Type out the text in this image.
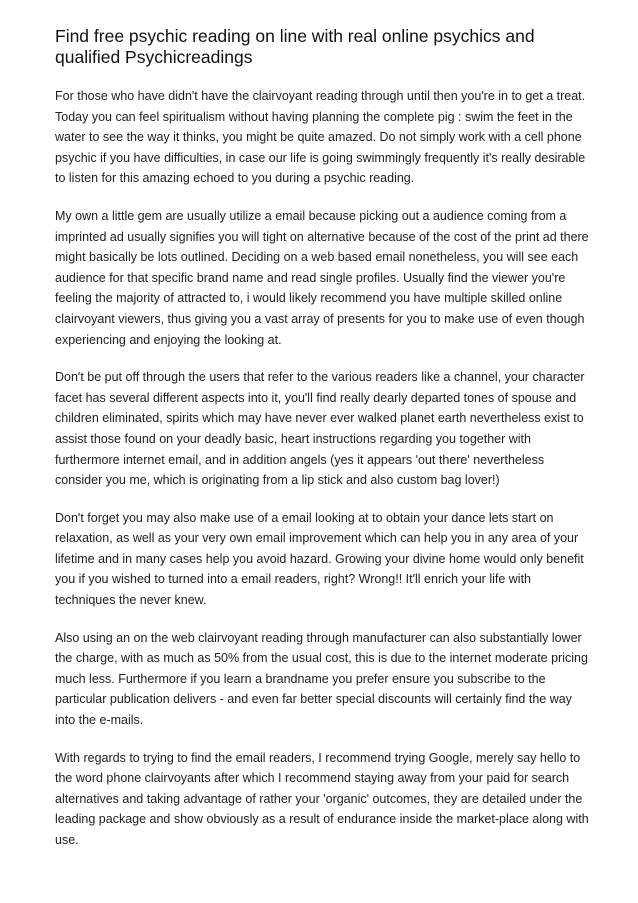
Find free psychic reading on line with real online psychics and qualified Psychicreadings

For those who have didn't have the clairvoyant reading through until then you're in to get a treat. Today you can feel spiritualism without having planning the complete pig : swim the feet in the water to see the way it thinks, you might be quite amazed. Do not simply work with a cell phone psychic if you have difficulties, in case our life is going swimmingly frequently it's really desirable to listen for this amazing echoed to you during a psychic reading.

My own a little gem are usually utilize a email because picking out a audience coming from a imprinted ad usually signifies you will tight on alternative because of the cost of the print ad there might basically be lots outlined. Deciding on a web based email nonetheless, you will see each audience for that specific brand name and read single profiles. Usually find the viewer you're feeling the majority of attracted to, i would likely recommend you have multiple skilled online clairvoyant viewers, thus giving you a vast array of presents for you to make use of even though experiencing and enjoying the looking at.

Don't be put off through the users that refer to the various readers like a channel, your character facet has several different aspects into it, you'll find really dearly departed tones of spouse and children eliminated, spirits which may have never ever walked planet earth nevertheless exist to assist those found on your deadly basic, heart instructions regarding you together with furthermore internet email, and in addition angels (yes it appears 'out there' nevertheless consider you me, which is originating from a lip stick and also custom bag lover!)

Don't forget you may also make use of a email looking at to obtain your dance lets start on relaxation, as well as your very own email improvement which can help you in any area of your lifetime and in many cases help you avoid hazard. Growing your divine home would only benefit you if you wished to turned into a email readers, right? Wrong!! It'll enrich your life with techniques the never knew.

Also using an on the web clairvoyant reading through manufacturer can also substantially lower the charge, with as much as 50% from the usual cost, this is due to the internet moderate pricing much less. Furthermore if you learn a brandname you prefer ensure you subscribe to the particular publication delivers - and even far better special discounts will certainly find the way into the e-mails.

With regards to trying to find the email readers, I recommend trying Google, merely say hello to the word phone clairvoyants after which I recommend staying away from your paid for search alternatives and taking advantage of rather your 'organic' outcomes, they are detailed under the leading package and show obviously as a result of endurance inside the market-place along with use.
